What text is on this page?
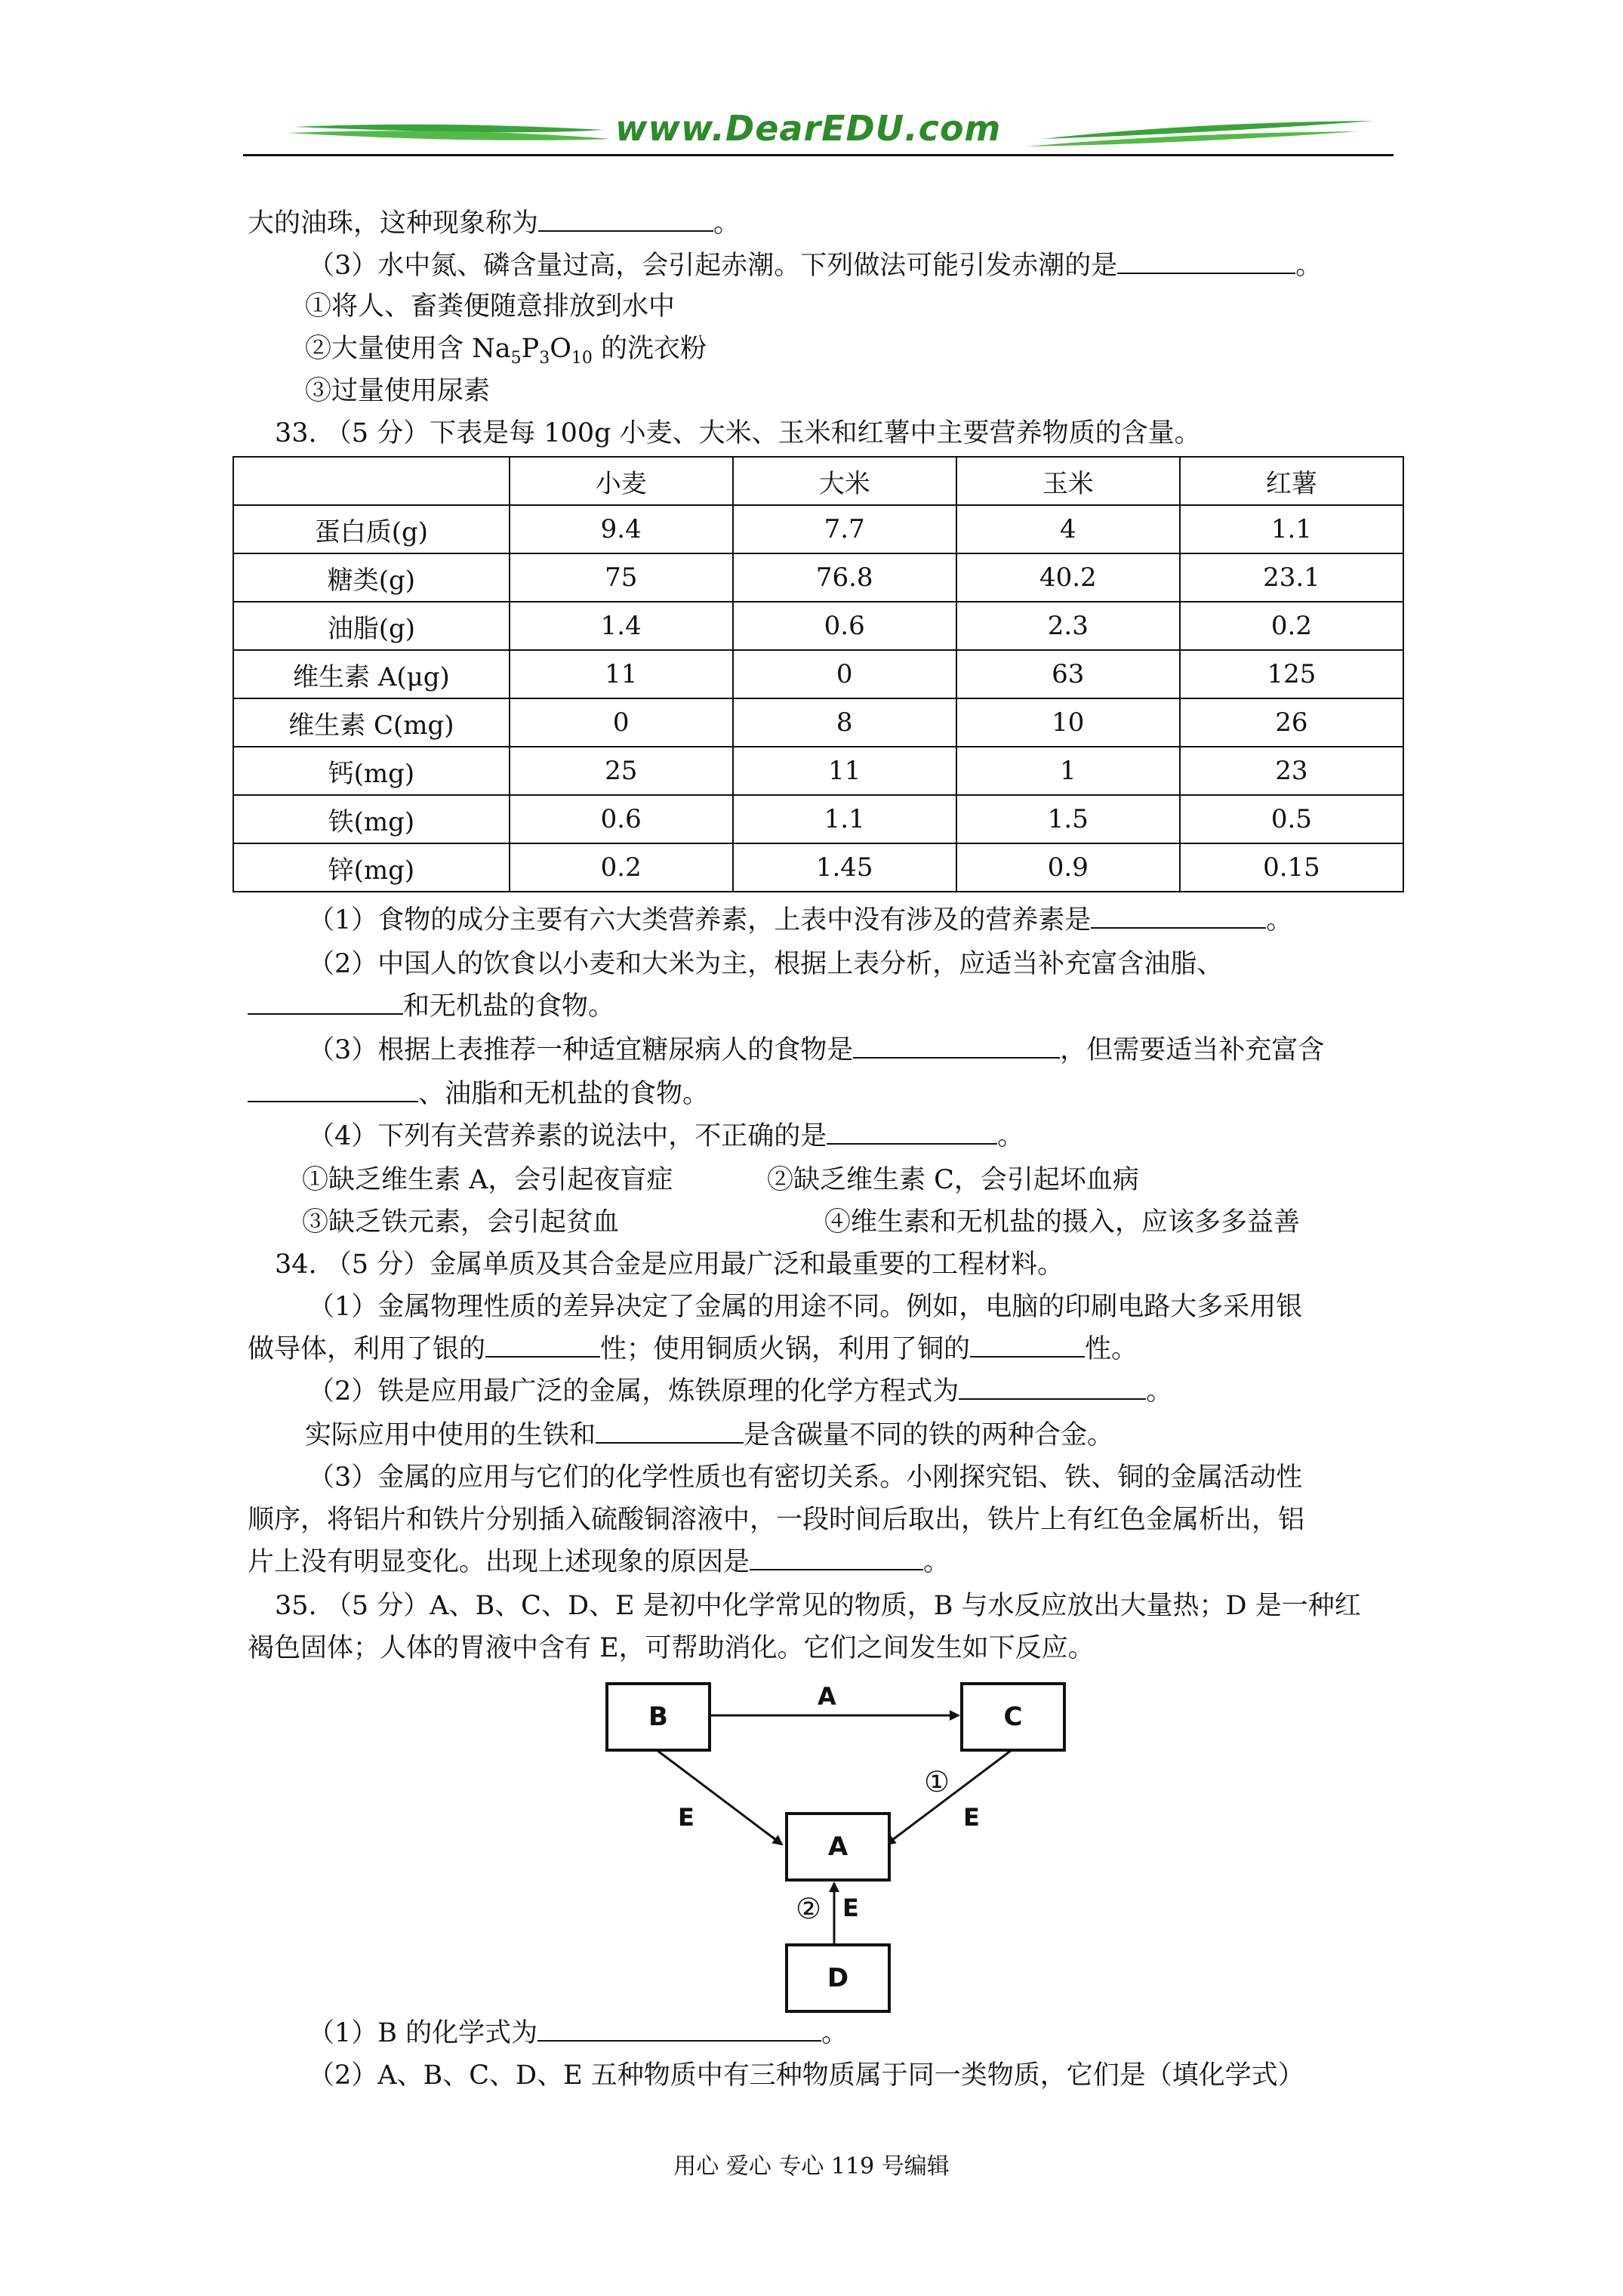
www.DearEDU.com
大的油珠，这种现象称为	。
（3）水中氮、磷含量过高，会引起赤潮。下列做法可能引发赤潮的是	。
①将人、畜粪便随意排放到水中
②大量使用含 $Na_5P_3O_{10}$ 的洗衣粉
③过量使用尿素
33. （5 分）下表是每 100g 小麦、大米、玉米和红薯中主要营养物质的含量。
	小麦	大米	玉米	红薯
蛋白质(g)	9.4	7.7	4	1.1
糖类(g)	75	76.8	40.2	23.1
油脂(g)	1.4	0.6	2.3	0.2
维生素 A(μg)	11	0	63	125
维生素 C(mg)	0	8	10	26
钙(mg)	25	11	1	23
铁(mg)	0.6	1.1	1.5	0.5
锌(mg)	0.2	1.45	0.9	0.15
（1）食物的成分主要有六大类营养素，上表中没有涉及的营养素是	。
（2）中国人的饮食以小麦和大米为主，根据上表分析，应适当补充富含油脂、
和无机盐的食物。
（3）根据上表推荐一种适宜糖尿病人的食物是	，但需要适当补充富含
、油脂和无机盐的食物。
（4）下列有关营养素的说法中，不正确的是	。
①缺乏维生素 A，会引起夜盲症	②缺乏维生素 C，会引起坏血病
③缺乏铁元素，会引起贫血	④维生素和无机盐的摄入，应该多多益善
34. （5 分）金属单质及其合金是应用最广泛和最重要的工程材料。
（1）金属物理性质的差异决定了金属的用途不同。例如，电脑的印刷电路大多采用银
做导体，利用了银的	性；使用铜质火锅，利用了铜的	性。
（2）铁是应用最广泛的金属，炼铁原理的化学方程式为	。
实际应用中使用的生铁和	是含碳量不同的铁的两种合金。
（3）金属的应用与它们的化学性质也有密切关系。小刚探究铝、铁、铜的金属活动性
顺序，将铝片和铁片分别插入硫酸铜溶液中，一段时间后取出，铁片上有红色金属析出，铝
片上没有明显变化。出现上述现象的原因是	。
35. （5 分）A、B、C、D、E 是初中化学常见的物质，B 与水反应放出大量热；D 是一种红
褐色固体；人体的胃液中含有 E，可帮助消化。它们之间发生如下反应。
B	C
A
D
A
E	E
①
② E
（1）B 的化学式为	。
（2）A、B、C、D、E 五种物质中有三种物质属于同一类物质，它们是（填化学式）
用心 爱心 专心 119 号编辑
